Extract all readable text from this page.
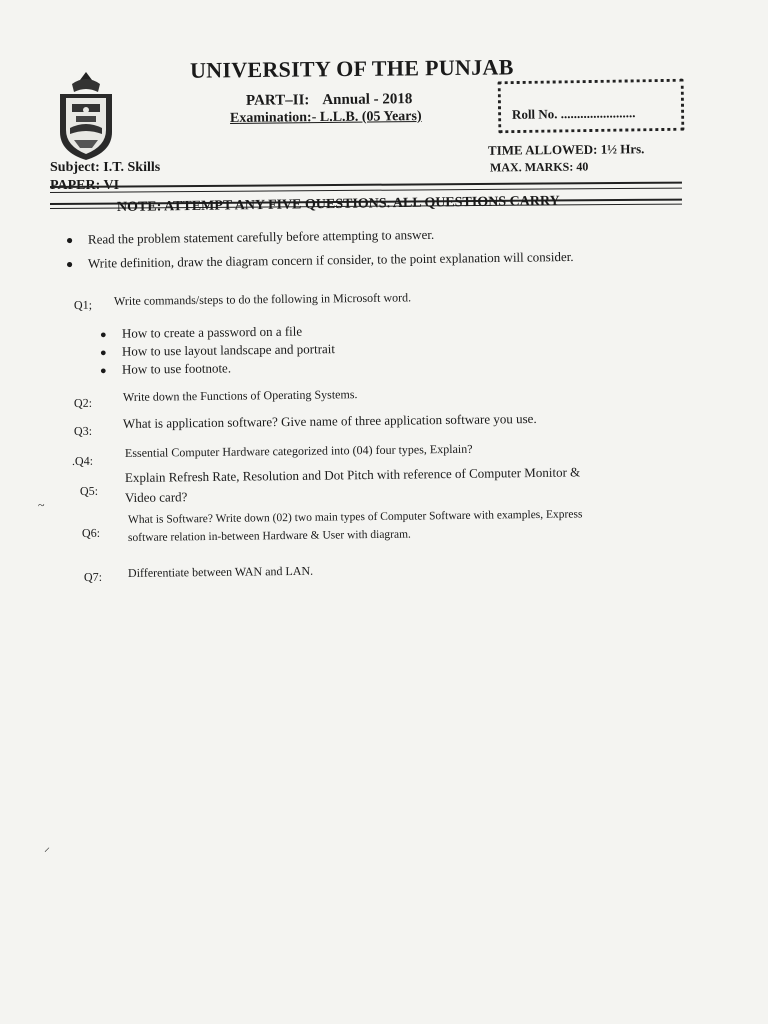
UNIVERSITY OF THE PUNJAB
PART–II: Annual - 2018
Examination:- L.L.B. (05 Years)	Roll No. .......................
TIME ALLOWED: 1½ Hrs.
MAX. MARKS: 40
Subject: I.T. Skills
NOTE: ATTEMPT ANY FIVE QUESTIONS. ALL QUESTIONS CARRY
● Read the problem statement carefully before attempting to answer.
● Write definition, draw the diagram concern if consider, to the point explanation will consider.
Q1; Write commands/steps to do the following in Microsoft word.
● How to create a password on a file
● How to use layout landscape and portrait
● How to use footnote.
Q2:	Write down the Functions of Operating Systems.
Q3: What is application software? Give name of three application software you use.
.Q4:
Essential Computer Hardware categorized into (04) four types, Explain?
Q5:
Explain Refresh Rate, Resolution and Dot Pitch with reference of Computer Monitor &
Video card?
Q6:
What is Software? Write down (02) two main types of Computer Software with examples, Express
software relation in-between Hardware & User with diagram.
Q7: Differentiate between WAN and LAN.
~
⸝
